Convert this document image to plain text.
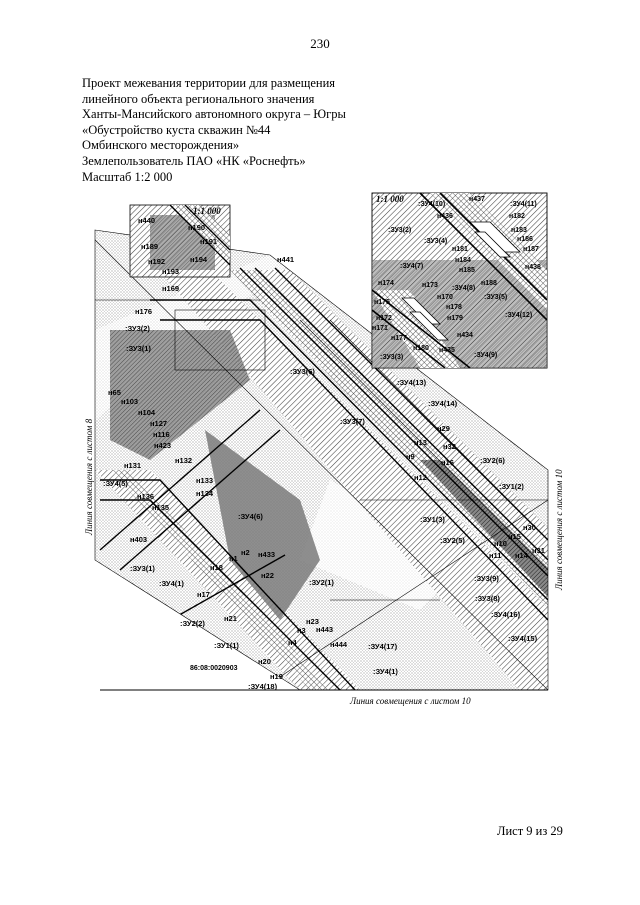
230
Проект межевания территории для размещения
линейного объекта регионального значения
Ханты-Мансийского автономного округа – Югры
«Обустройство куста скважин №44
Омбинского месторождения»
Землепользователь ПАО «НК «Роснефть»
Масштаб 1:2 000
1:1 000
1:1 000
Линия совмещения с листом 10
Линия совмещения с листом 8	Линия совмещения с листом 10
н440
н190
н191
н189
н192	н194
н193
н441
н169
н176
:ЗУ3(2)
:ЗУ3(1)
:ЗУ3(6)
:ЗУ4(13)
:ЗУ4(14)
:ЗУ3(7)
н65
н103
н104
н127
н116
н423
н131
н132
:ЗУ4(5)	н133
н136	н134
н135
:ЗУ4(6)
н403
:ЗУ3(1)	н18
н1
н2 н433
н22
:ЗУ4(1)
н17
:ЗУ2(1)
н21
:ЗУ2(2)
:ЗУ1(1)
н23
н443
н3
н4	н444	:ЗУ4(17)
:ЗУ4(1)
86:08:0020903
н20
н19
:ЗУ4(18)
н29
н13 н32
н9
н16	:ЗУ2(6)
н12
:ЗУ1(2)
:ЗУ1(3)
н30
:ЗУ2(5)	н15
н10
н11 н14
н31
:ЗУ3(9)
:ЗУ3(8)
:ЗУ4(16)
:ЗУ4(15)
:ЗУ4(10)
н437
:ЗУ4(11)
н436
:ЗУ3(2)
н182
:ЗУ3(4)
н183
н186
н187
н181
н184
:ЗУ4(7)
н185	н438
н188
н174	н173 :ЗУ4(8)
:ЗУ3(5)
н175
н170
н178
:ЗУ4(12)
н172	н179
н434
н171
н177
н180 н435
:ЗУ3(3)	:ЗУ4(9)
Лист 9 из 29
